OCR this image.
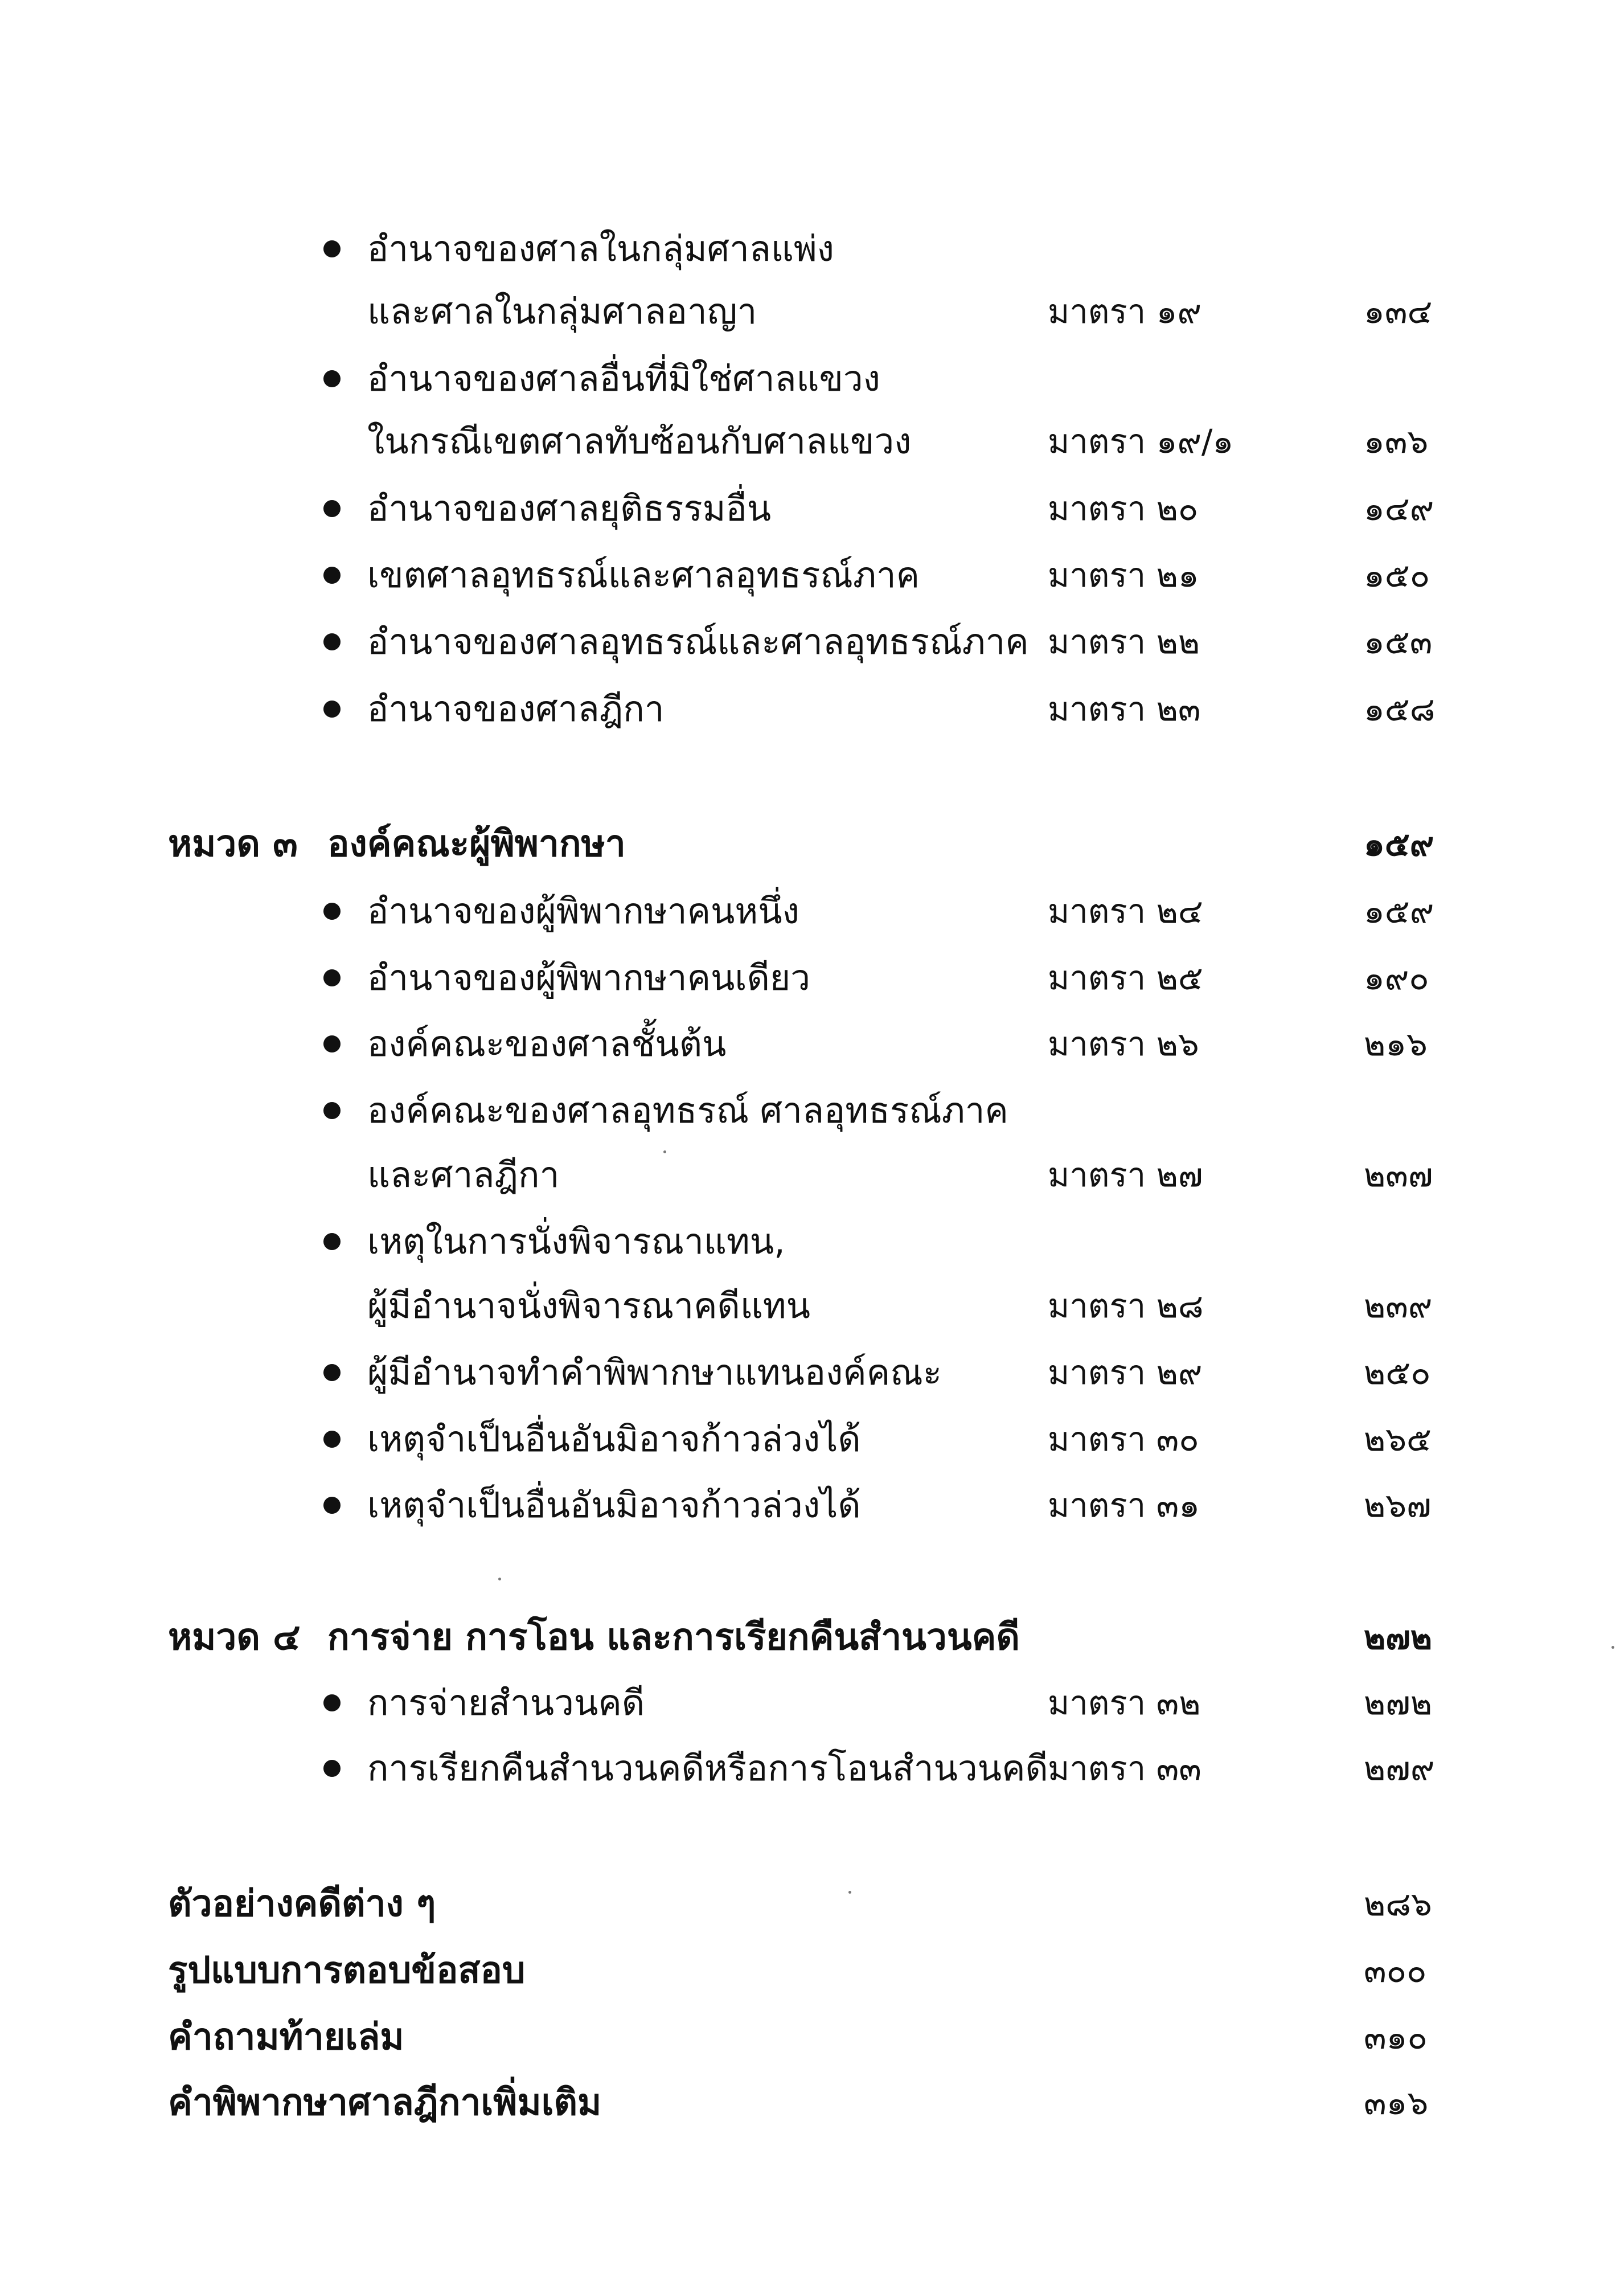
อำนาจของศาลในกลุ่มศาลแพ่ง
และศาลในกลุ่มศาลอาญา	มาตรา ๑๙	๑๓๔
อำนาจของศาลอื่นที่มิใช่ศาลแขวง
ในกรณีเขตศาลทับซ้อนกับศาลแขวง	มาตรา ๑๙/๑	๑๓๖
อำนาจของศาลยุติธรรมอื่น	มาตรา ๒๐	๑๔๙
เขตศาลอุทธรณ์และศาลอุทธรณ์ภาค	มาตรา ๒๑	๑๕๐
อำนาจของศาลอุทธรณ์และศาลอุทธรณ์ภาค มาตรา ๒๒	๑๕๓
อำนาจของศาลฎีกา	มาตรา ๒๓	๑๕๘
หมวด ๓ องค์คณะผู้พิพากษา	๑๕๙
อำนาจของผู้พิพากษาคนหนึ่ง	มาตรา ๒๔	๑๕๙
อำนาจของผู้พิพากษาคนเดียว	มาตรา ๒๕	๑๙๐
องค์คณะของศาลชั้นต้น	มาตรา ๒๖	๒๑๖
องค์คณะของศาลอุทธรณ์ ศาลอุทธรณ์ภาค
และศาลฎีกา	มาตรา ๒๗	๒๓๗
เหตุในการนั่งพิจารณาแทน,
ผู้มีอำนาจนั่งพิจารณาคดีแทน	มาตรา ๒๘	๒๓๙
ผู้มีอำนาจทำคำพิพากษาแทนองค์คณะ	มาตรา ๒๙	๒๕๐
เหตุจำเป็นอื่นอันมิอาจก้าวล่วงได้	มาตรา ๓๐	๒๖๕
เหตุจำเป็นอื่นอันมิอาจก้าวล่วงได้	มาตรา ๓๑	๒๖๗
หมวด ๔ การจ่าย การโอน และการเรียกคืนสำนวนคดี	๒๗๒
การจ่ายสำนวนคดี	มาตรา ๓๒	๒๗๒
การเรียกคืนสำนวนคดีหรือการโอนสำนวนคดี มาตรา ๓๓	๒๗๙
ตัวอย่างคดีต่าง ๆ	๒๘๖
รูปแบบการตอบข้อสอบ	๓๐๐
คำถามท้ายเล่ม	๓๑๐
คำพิพากษาศาลฎีกาเพิ่มเติม	๓๑๖
